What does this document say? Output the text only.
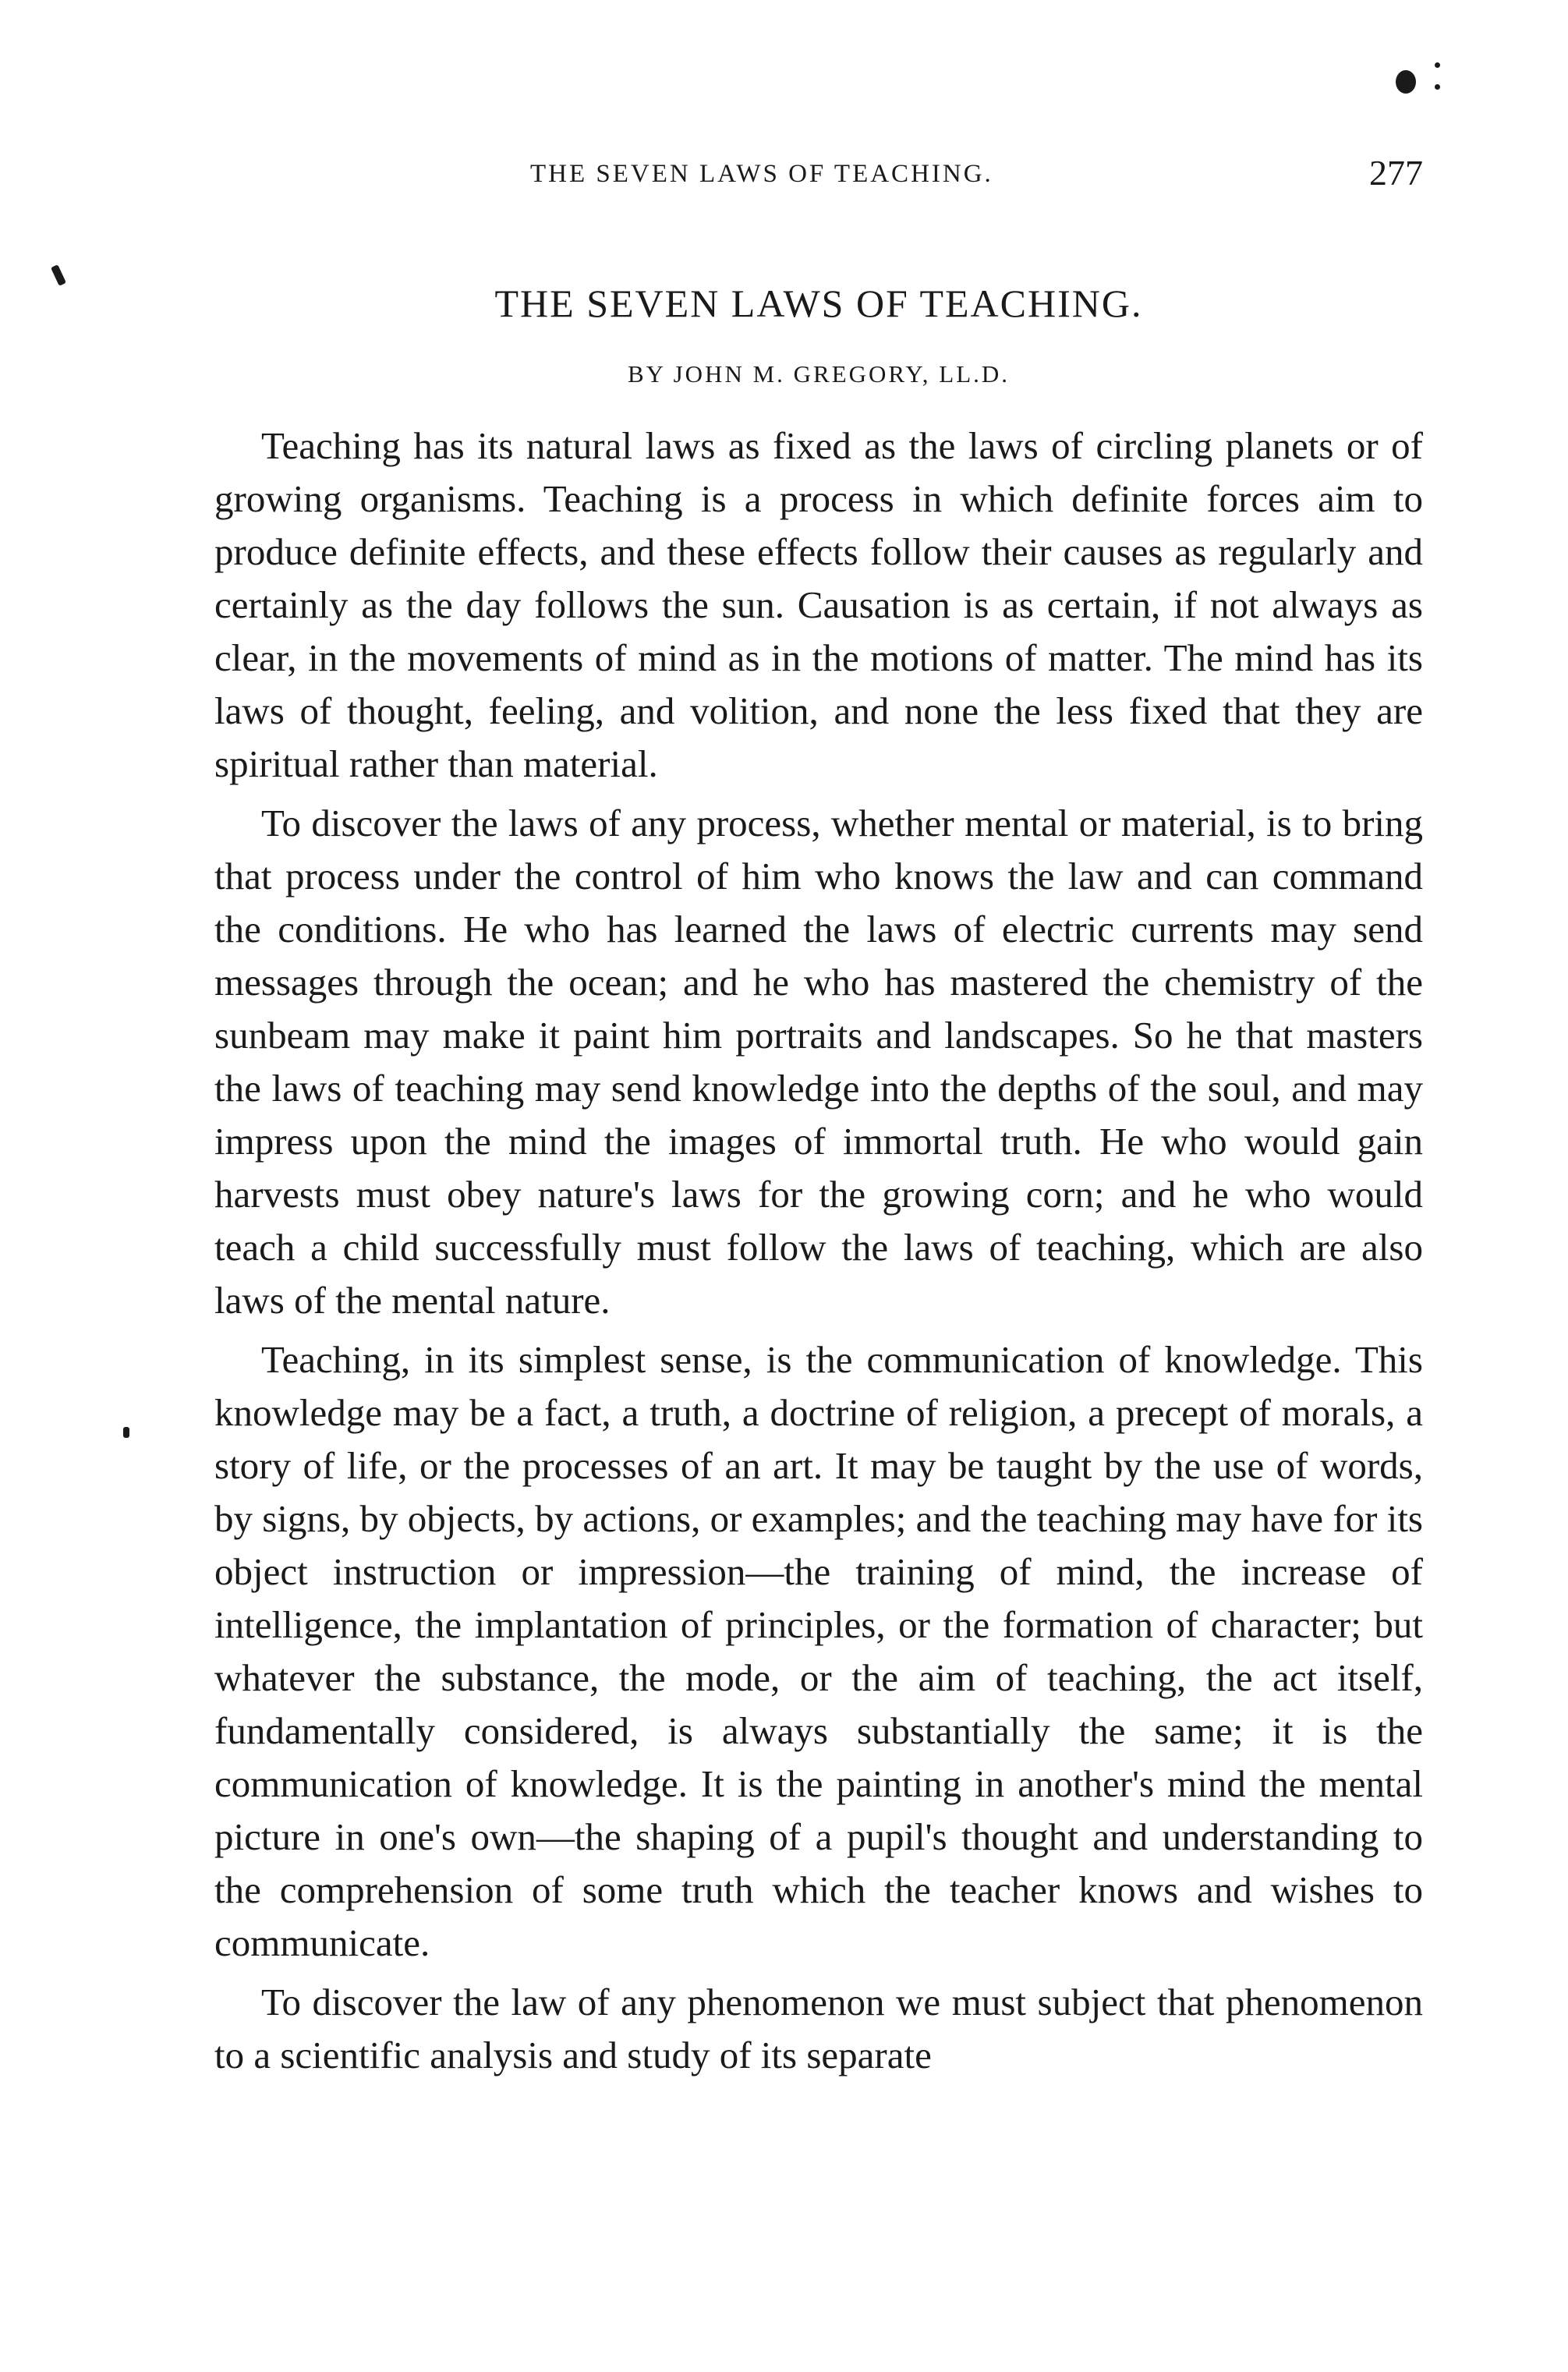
THE SEVEN LAWS OF TEACHING.	277
THE SEVEN LAWS OF TEACHING.
BY JOHN M. GREGORY, LL.D.

Teaching has its natural laws as fixed as the laws of circling planets or of growing organisms. Teaching is a process in which definite forces aim to produce definite effects, and these effects follow their causes as regularly and certainly as the day follows the sun. Causation is as certain, if not always as clear, in the movements of mind as in the motions of matter. The mind has its laws of thought, feeling, and volition, and none the less fixed that they are spiritual rather than material.

To discover the laws of any process, whether mental or material, is to bring that process under the control of him who knows the law and can command the conditions. He who has learned the laws of electric currents may send messages through the ocean; and he who has mastered the chemistry of the sunbeam may make it paint him portraits and landscapes. So he that masters the laws of teaching may send knowledge into the depths of the soul, and may impress upon the mind the images of immortal truth. He who would gain harvests must obey nature's laws for the growing corn; and he who would teach a child successfully must follow the laws of teaching, which are also laws of the mental nature.

Teaching, in its simplest sense, is the communication of knowledge. This knowledge may be a fact, a truth, a doctrine of religion, a precept of morals, a story of life, or the processes of an art. It may be taught by the use of words, by signs, by objects, by actions, or examples; and the teaching may have for its object instruction or impression—the training of mind, the increase of intelligence, the implantation of principles, or the formation of character; but whatever the substance, the mode, or the aim of teaching, the act itself, fundamentally considered, is always substantially the same; it is the communication of knowledge. It is the painting in another's mind the mental picture in one's own—the shaping of a pupil's thought and understanding to the comprehension of some truth which the teacher knows and wishes to communicate.

To discover the law of any phenomenon we must subject that phenomenon to a scientific analysis and study of its separate
